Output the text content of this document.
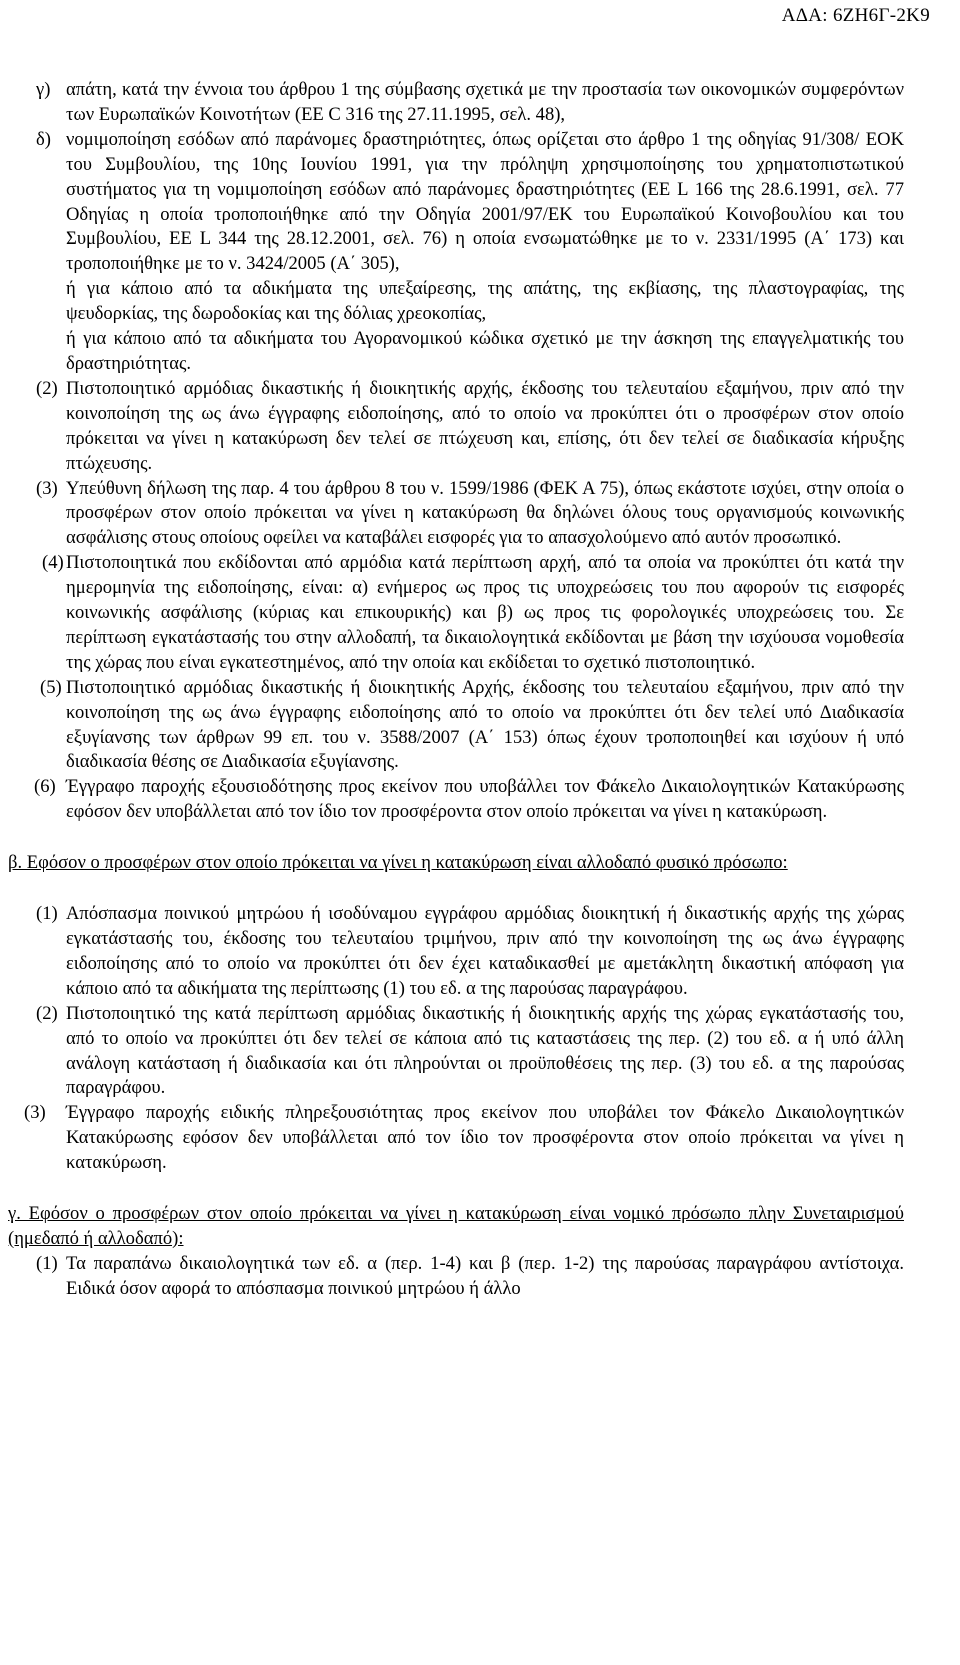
ΑΔΑ: 6ΖΗ6Γ-2Κ9
γ) απάτη, κατά την έννοια του άρθρου 1 της σύμβασης σχετικά με την προστασία των οικονομικών συμφερόντων των Ευρωπαϊκών Κοινοτήτων (ΕΕ C 316 της 27.11.1995, σελ. 48),
δ) νομιμοποίηση εσόδων από παράνομες δραστηριότητες, όπως ορίζεται στο άρθρο 1 της οδηγίας 91/308/ ΕΟΚ του Συμβουλίου, της 10ης Ιουνίου 1991, για την πρόληψη χρησιμοποίησης του χρηματοπιστωτικού συστήματος για τη νομιμοποίηση εσόδων από παράνομες δραστηριότητες (ΕΕ L 166 της 28.6.1991, σελ. 77 Οδηγίας η οποία τροποποιήθηκε από την Οδηγία 2001/97/ΕΚ του Ευρωπαϊκού Κοινοβουλίου και του Συμβουλίου, ΕΕ L 344 της 28.12.2001, σελ. 76) η οποία ενσωματώθηκε με το ν. 2331/1995 (Α΄ 173) και τροποποιήθηκε με το ν. 3424/2005 (Α΄ 305),

ή για κάποιο από τα αδικήματα της υπεξαίρεσης, της απάτης, της εκβίασης, της πλαστογραφίας, της ψευδορκίας, της δωροδοκίας και της δόλιας χρεοκοπίας,

ή για κάποιο από τα αδικήματα του Αγορανομικού κώδικα σχετικό με την άσκηση της επαγγελματικής του δραστηριότητας.

(2) Πιστοποιητικό αρμόδιας δικαστικής ή διοικητικής αρχής, έκδοσης του τελευταίου εξαμήνου, πριν από την κοινοποίηση της ως άνω έγγραφης ειδοποίησης, από το οποίο να προκύπτει ότι ο προσφέρων στον οποίο πρόκειται να γίνει η κατακύρωση δεν τελεί σε πτώχευση και, επίσης, ότι δεν τελεί σε διαδικασία κήρυξης πτώχευσης.
(3) Υπεύθυνη δήλωση της παρ. 4 του άρθρου 8 του ν. 1599/1986 (ΦΕΚ Α 75), όπως εκάστοτε ισχύει, στην οποία ο προσφέρων στον οποίο πρόκειται να γίνει η κατακύρωση θα δηλώνει όλους τους οργανισμούς κοινωνικής ασφάλισης στους οποίους οφείλει να καταβάλει εισφορές για το απασχολούμενο από αυτόν προσωπικό.
(4) Πιστοποιητικά που εκδίδονται από αρμόδια κατά περίπτωση αρχή, από τα οποία να προκύπτει ότι κατά την ημερομηνία της ειδοποίησης, είναι: α) ενήμερος ως προς τις υποχρεώσεις του που αφορούν τις εισφορές κοινωνικής ασφάλισης (κύριας και επικουρικής) και β) ως προς τις φορολογικές υποχρεώσεις του. Σε περίπτωση εγκατάστασής του στην αλλοδαπή, τα δικαιολογητικά εκδίδονται με βάση την ισχύουσα νομοθεσία της χώρας που είναι εγκατεστημένος, από την οποία και εκδίδεται το σχετικό πιστοποιητικό.
(5) Πιστοποιητικό αρμόδιας δικαστικής ή διοικητικής Αρχής, έκδοσης του τελευταίου εξαμήνου, πριν από την κοινοποίηση της ως άνω έγγραφης ειδοποίησης από το οποίο να προκύπτει ότι δεν τελεί υπό Διαδικασία εξυγίανσης των άρθρων 99 επ. του ν. 3588/2007 (Α΄ 153) όπως έχουν τροποποιηθεί και ισχύουν ή υπό διαδικασία θέσης σε Διαδικασία εξυγίανσης.
(6) Έγγραφο παροχής εξουσιοδότησης προς εκείνον που υποβάλλει τον Φάκελο Δικαιολογητικών Κατακύρωσης εφόσον δεν υποβάλλεται από τον ίδιο τον προσφέροντα στον οποίο πρόκειται να γίνει η κατακύρωση.

β. Εφόσον ο προσφέρων στον οποίο πρόκειται να γίνει η κατακύρωση είναι αλλοδαπό φυσικό πρόσωπο:

(1) Απόσπασμα ποινικού μητρώου ή ισοδύναμου εγγράφου αρμόδιας διοικητική ή δικαστικής αρχής της χώρας εγκατάστασής του, έκδοσης του τελευταίου τριμήνου, πριν από την κοινοποίηση της ως άνω έγγραφης ειδοποίησης από το οποίο να προκύπτει ότι δεν έχει καταδικασθεί με αμετάκλητη δικαστική απόφαση για κάποιο από τα αδικήματα της περίπτωσης (1) του εδ. α της παρούσας παραγράφου.
(2) Πιστοποιητικό της κατά περίπτωση αρμόδιας δικαστικής ή διοικητικής αρχής της χώρας εγκατάστασής του, από το οποίο να προκύπτει ότι δεν τελεί σε κάποια από τις καταστάσεις της περ. (2) του εδ. α ή υπό άλλη ανάλογη κατάσταση ή διαδικασία και ότι πληρούνται οι προϋποθέσεις της περ. (3) του εδ. α της παρούσας παραγράφου.
(3) Έγγραφο παροχής ειδικής πληρεξουσιότητας προς εκείνον που υποβάλει τον Φάκελο Δικαιολογητικών Κατακύρωσης εφόσον δεν υποβάλλεται από τον ίδιο τον προσφέροντα στον οποίο πρόκειται να γίνει η κατακύρωση.

γ. Εφόσον ο προσφέρων στον οποίο πρόκειται να γίνει η κατακύρωση είναι νομικό πρόσωπο πλην Συνεταιρισμού (ημεδαπό ή αλλοδαπό):

(1) Τα παραπάνω δικαιολογητικά των εδ. α (περ. 1-4) και β (περ. 1-2) της παρούσας παραγράφου αντίστοιχα. Ειδικά όσον αφορά το απόσπασμα ποινικού μητρώου ή άλλο
